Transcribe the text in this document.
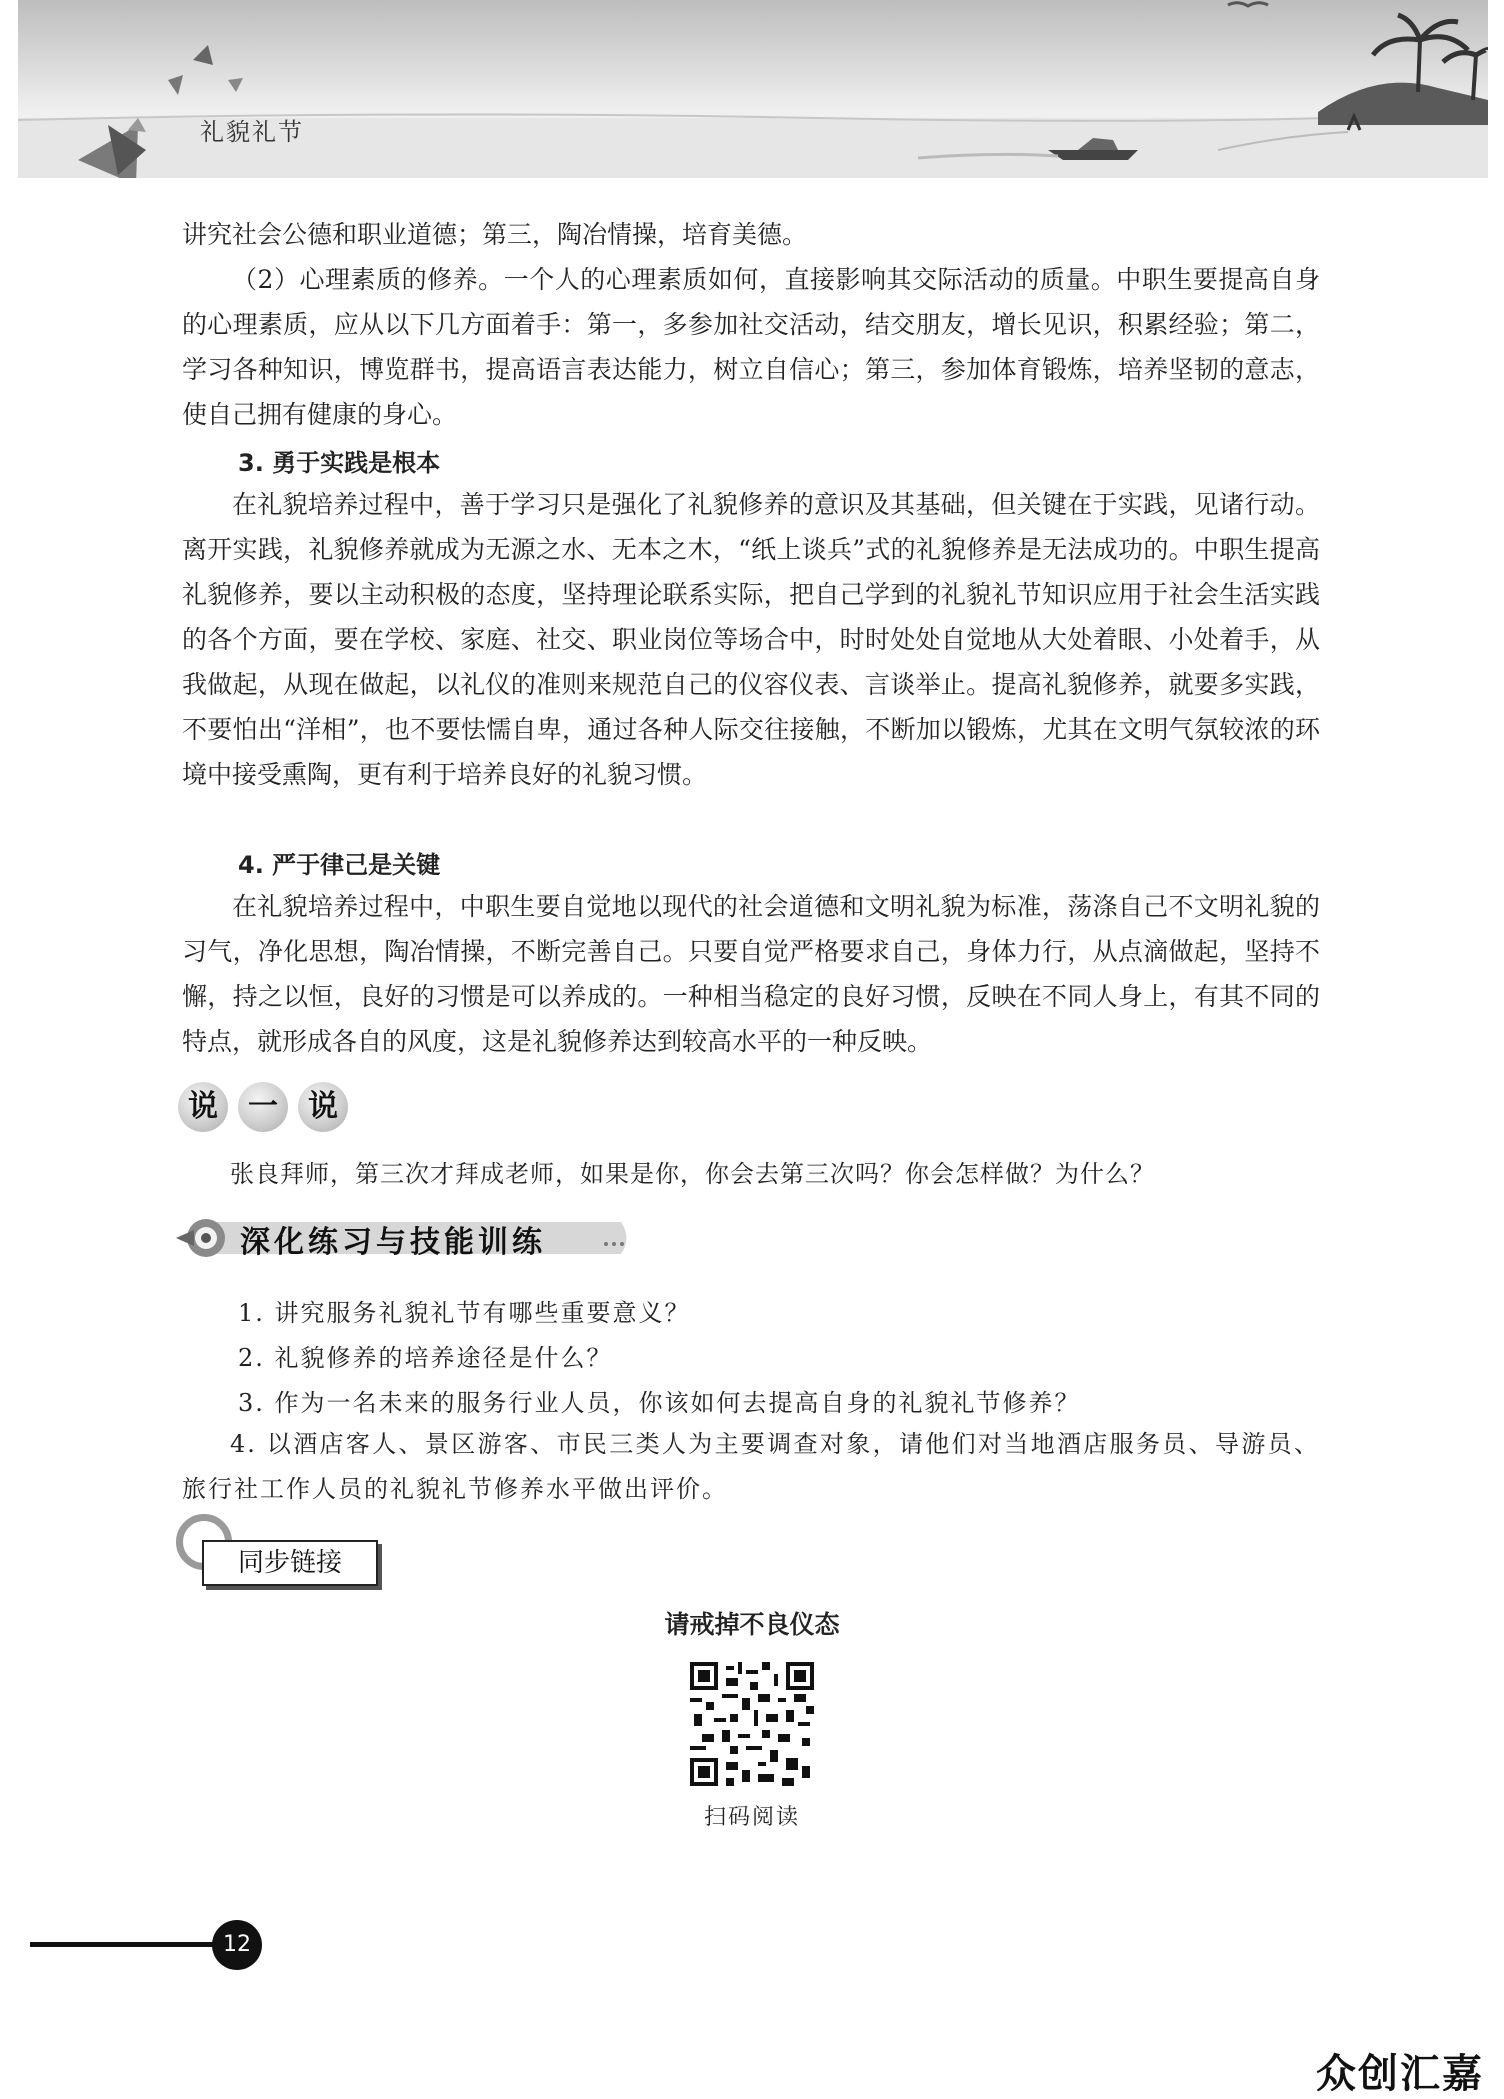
礼貌礼节

讲究社会公德和职业道德；第三，陶冶情操，培育美德。

（2）心理素质的修养。一个人的心理素质如何，直接影响其交际活动的质量。中职生要提高自身的心理素质，应从以下几方面着手：第一，多参加社交活动，结交朋友，增长见识，积累经验；第二，学习各种知识，博览群书，提高语言表达能力，树立自信心；第三，参加体育锻炼，培养坚韧的意志，使自己拥有健康的身心。

3. 勇于实践是根本

在礼貌培养过程中，善于学习只是强化了礼貌修养的意识及其基础，但关键在于实践，见诸行动。离开实践，礼貌修养就成为无源之水、无本之木，“纸上谈兵”式的礼貌修养是无法成功的。中职生提高礼貌修养，要以主动积极的态度，坚持理论联系实际，把自己学到的礼貌礼节知识应用于社会生活实践的各个方面，要在学校、家庭、社交、职业岗位等场合中，时时处处自觉地从大处着眼、小处着手，从我做起，从现在做起，以礼仪的准则来规范自己的仪容仪表、言谈举止。提高礼貌修养，就要多实践，不要怕出“洋相”，也不要怯懦自卑，通过各种人际交往接触，不断加以锻炼，尤其在文明气氛较浓的环境中接受熏陶，更有利于培养良好的礼貌习惯。

4. 严于律己是关键

在礼貌培养过程中，中职生要自觉地以现代的社会道德和文明礼貌为标准，荡涤自己不文明礼貌的习气，净化思想，陶冶情操，不断完善自己。只要自觉严格要求自己，身体力行，从点滴做起，坚持不懈，持之以恒，良好的习惯是可以养成的。一种相当稳定的良好习惯，反映在不同人身上，有其不同的特点，就形成各自的风度，这是礼貌修养达到较高水平的一种反映。

说	一	说

张良拜师，第三次才拜成老师，如果是你，你会去第三次吗？你会怎样做？为什么？

深化练习与技能训练
1. 讲究服务礼貌礼节有哪些重要意义？
2. 礼貌修养的培养途径是什么？
3. 作为一名未来的服务行业人员，你该如何去提高自身的礼貌礼节修养？

4. 以酒店客人、景区游客、市民三类人为主要调查对象，请他们对当地酒店服务员、导游员、旅行社工作人员的礼貌礼节修养水平做出评价。

同步链接
请戒掉不良仪态
扫码阅读
12
众创汇嘉
